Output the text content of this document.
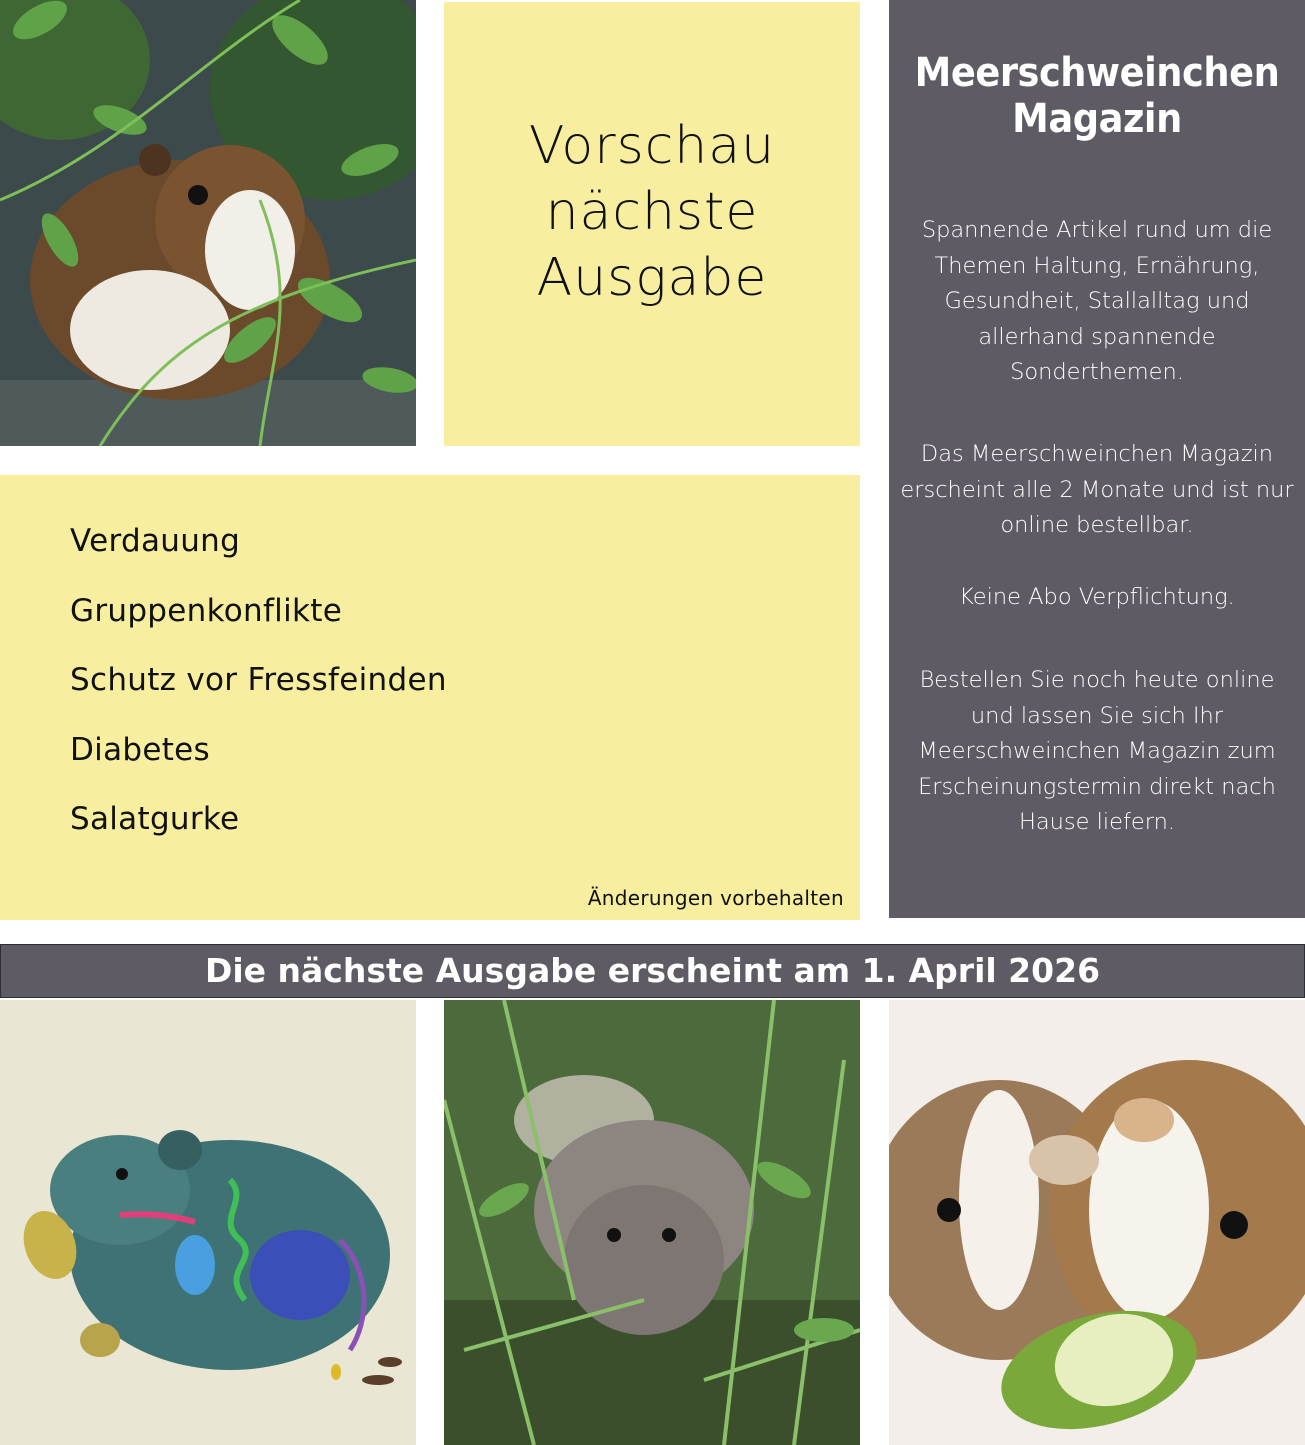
Vorschau
nächste
Ausgabe
Meerschweinchen
Magazin
Spannende Artikel rund um die Themen Haltung, Ernährung, Gesundheit, Stallalltag und allerhand spannende Sonderthemen.
Das Meerschweinchen Magazin erscheint alle 2 Monate und ist nur online bestellbar.
Keine Abo Verpflichtung.
Bestellen Sie noch heute online und lassen Sie sich Ihr Meerschweinchen Magazin zum Erscheinungstermin direkt nach Hause liefern.
Verdauung
Gruppenkonflikte
Schutz vor Fressfeinden
Diabetes
Salatgurke
Änderungen vorbehalten
Die nächste Ausgabe erscheint am 1. April 2026
